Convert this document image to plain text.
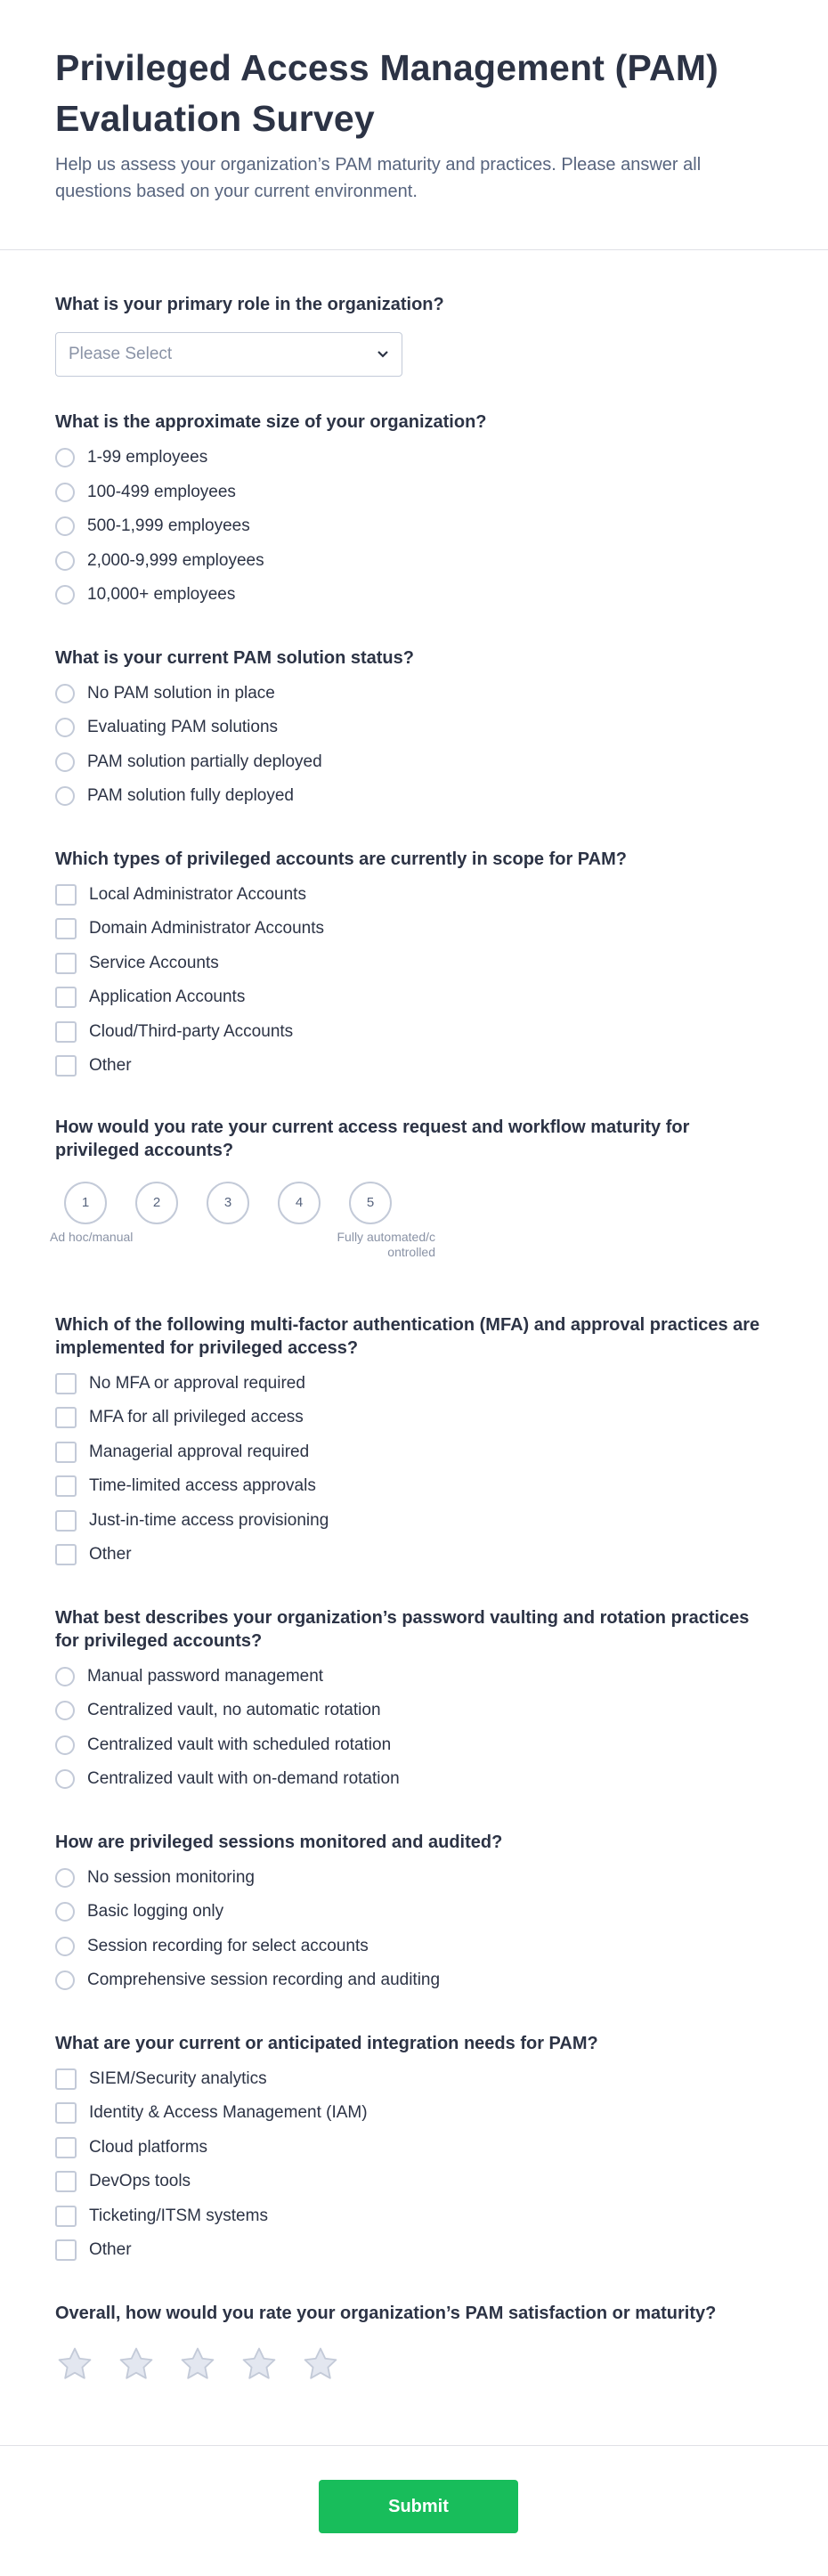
Privileged Access Management (PAM) Evaluation Survey
Help us assess your organization’s PAM maturity and practices. Please answer all questions based on your current environment.
What is your primary role in the organization?
Please Select
What is the approximate size of your organization?
1-99 employees
100-499 employees
500-1,999 employees
2,000-9,999 employees
10,000+ employees
What is your current PAM solution status?
No PAM solution in place
Evaluating PAM solutions
PAM solution partially deployed
PAM solution fully deployed
Which types of privileged accounts are currently in scope for PAM?
Local Administrator Accounts
Domain Administrator Accounts
Service Accounts
Application Accounts
Cloud/Third-party Accounts
Other
How would you rate your current access request and workflow maturity for privileged accounts?
1	2	3	4	5
Ad hoc/manual	Fully automated/controlled
Which of the following multi-factor authentication (MFA) and approval practices are implemented for privileged access?
No MFA or approval required
MFA for all privileged access
Managerial approval required
Time-limited access approvals
Just-in-time access provisioning
Other
What best describes your organization’s password vaulting and rotation practices for privileged accounts?
Manual password management
Centralized vault, no automatic rotation
Centralized vault with scheduled rotation
Centralized vault with on-demand rotation
How are privileged sessions monitored and audited?
No session monitoring
Basic logging only
Session recording for select accounts
Comprehensive session recording and auditing
What are your current or anticipated integration needs for PAM?
SIEM/Security analytics
Identity & Access Management (IAM)
Cloud platforms
DevOps tools
Ticketing/ITSM systems
Other
Overall, how would you rate your organization’s PAM satisfaction or maturity?
Submit
